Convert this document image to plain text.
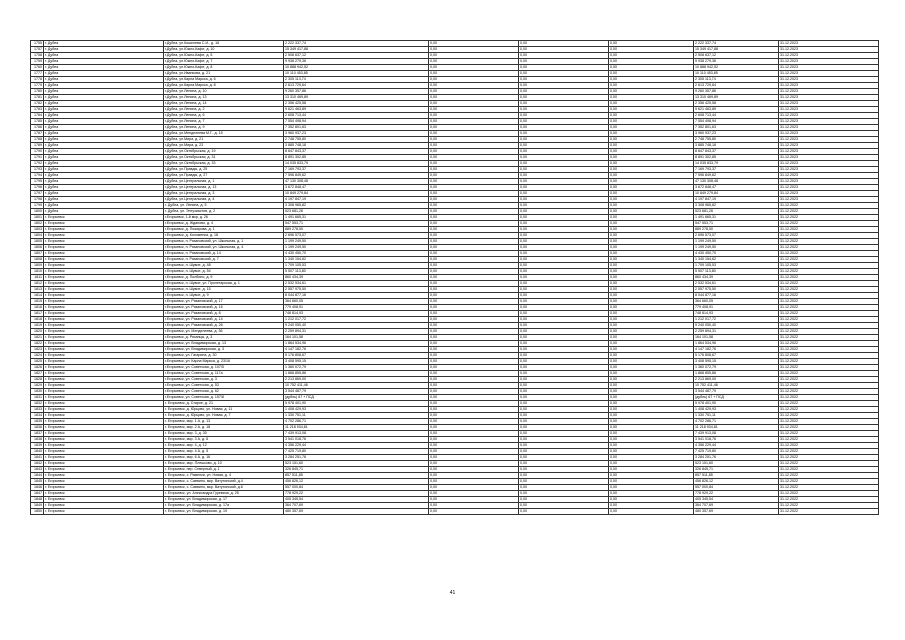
1755	г. Дубна	г.Дубна, ул.Кошелева С.И., д. 16	2 222 337,74	0,00	0,00	0,00	2 222 337,74	31.12.2023
1757	г. Дубна	г.Дубна, ул.Южно-Кафе, д. 10	15 349 417,88	0,00	0,00	0,00	15 349 417,88	31.12.2023
1758	г. Дубна	г.Дубна, ул.Южно-Кафе, д. 5	2 508 637,12	0,00	0,00	0,00	2 508 637,12	31.12.2023
1759	г. Дубна	г.Дубна, ул.Южно-Кафе, д. 7	9 938 279,36	0,00	0,00	0,00	9 938 279,36	31.12.2023
1760	г. Дубна	г.Дубна, ул.Южно-Кафе, д. 8	10 888 942,52	0,00	0,00	0,00	10 888 942,52	31.12.2023
1777	г. Дубна	г.Дубна, ул.Иванкова, д. 21	10 110 453,85	0,00	0,00	0,00	10 110 453,85	31.12.2023
1778	г. Дубна	г.Дубна, ул.Карла Маркса, д. 6	2 305 113,74	0,00	0,00	0,00	2 305 113,74	31.12.2023
1779	г. Дубна	г.Дубна, ул.Карла Маркса, д. 8	2 613 729,64	0,00	0,00	0,00	2 613 729,64	31.12.2023
1780	г. Дубна	г.Дубна, ул.Ленина, д. 10	9 260 357,86	0,00	0,00	0,00	9 260 357,86	31.12.2023
1781	г. Дубна	г.Дубна, ул.Ленина, д. 13	13 310 469,89	0,00	0,00	0,00	13 310 469,89	31.12.2023
1782	г. Дубна	г.Дубна, ул.Ленина, д. 14	2 356 425,58	0,00	0,00	0,00	2 356 425,58	31.12.2023
1783	г. Дубна	г.Дубна, ул.Ленина, д. 2	9 621 463,89	0,00	0,00	0,00	9 621 463,89	31.12.2023
1784	г. Дубна	г.Дубна, ул.Ленина, д. 6	2 608 713,44	0,00	0,00	0,00	2 608 713,44	31.12.2023
1785	г. Дубна	г.Дубна, ул.Ленина, д. 7	7 554 498,94	0,00	0,00	0,00	7 554 498,94	31.12.2023
1786	г. Дубна	г.Дубна, ул.Ленина, д. 9	7 352 801,63	0,00	0,00	0,00	7 352 801,63	31.12.2023
1787	г. Дубна	г.Дубна, ул.Менделеева М.Г., д. 15	3 960 937,23	0,00	0,00	0,00	3 960 937,23	31.12.2023
1788	г. Дубна	г.Дубна, ул.Мира, д. 21	2 748 755,80	0,00	0,00	0,00	2 748 755,80	31.12.2023
1789	г. Дубна	г.Дубна, ул.Мира, д. 23	3 885 748,18	0,00	0,00	0,00	3 885 748,18	31.12.2023
1790	г. Дубна	г.Дубна, ул.Октябрьская, д. 19	8 847 843,37	0,00	0,00	0,00	8 847 843,37	31.12.2023
1791	г. Дубна	г.Дубна, ул.Октябрьская, д. 31	8 891 302,85	0,00	0,00	0,00	8 891 302,85	31.12.2023
1792	г. Дубна	г.Дубна, ул.Октябрьская, д. 33	14 035 833,79	0,00	0,00	0,00	14 035 833,79	31.12.2023
1793	г. Дубна	г.Дубна, ул.Правды, д. 25	7 169 793,37	0,00	0,00	0,00	7 169 793,37	31.12.2023
1794	г. Дубна	г.Дубна, ул.Правды, д. 27	7 596 849,62	0,00	0,00	0,00	7 596 849,62	31.12.2023
1795	г. Дубна	г.Дубна, ул.Центральная, д. 1	47 130 308,48	0,00	0,00	0,00	47 130 308,48	31.12.2023
1796	г. Дубна	г.Дубна, ул.Центральная, д. 13	3 672 848,47	0,00	0,00	0,00	3 672 848,47	31.12.2023
1797	г. Дубна	г.Дубна, ул.Центральная, д. 3	10 849 279,84	0,00	0,00	0,00	10 849 279,84	31.12.2023
1798	г. Дубна	г.Дубна, ул.Центральная, д. 4	4 197 847,19	0,00	0,00	0,00	4 197 847,19	31.12.2023
1799	г. Дубна	г. Дубна, ул. Ленина, д. 5	3 308 965,82	0,00	0,00	0,00	3 308 965,82	31.12.2022
1800	г. Дубна	г. Дубна, ул. Энтузиастов, д. 2	523 681,26	0,00	0,00	0,00	523 681,26	31.12.2022
1801	г. Егорьевск	г.Егорьевск, 1-й мкр, д. 26	1 491 665,31	0,00	0,00	0,00	1 491 665,31	31.12.2022
1802	г. Егорьевск	г.Егорьевск, д. Жданово, д. 4	547 553,71	0,00	0,00	0,00	547 553,71	31.12.2022
1803	г. Егорьевск	г.Егорьевск, д. Пожарова, д. 1	889 278,50	0,00	0,00	0,00	889 278,50	31.12.2022
1804	г. Егорьевск	г.Егорьевск, д. Коломенка, д. 18	2 696 573,07	0,00	0,00	0,00	2 696 573,07	31.12.2022
1805	г. Егорьевск	г.Егорьевск, п. Рязановский, ул. Школьная, д. 1	1 199 249,50	0,00	0,00	0,00	1 199 249,50	31.12.2022
1806	г. Егорьевск	г.Егорьевск, п. Рязановский, ул. Школьная, д. 4	1 199 249,50	0,00	0,00	0,00	1 199 249,50	31.12.2022
1807	г. Егорьевск	г.Егорьевск, п. Рязановский, д. 14	4 430 450,70	0,00	0,00	0,00	4 430 450,70	31.12.2022
1808	г. Егорьевск	г.Егорьевск, п. Рязановский, д. 7	1 340 154,62	0,00	0,00	0,00	1 340 154,62	31.12.2022
1809	г. Егорьевск	г.Егорьевск, п. Шувое, д. 48	1 709 105,53	0,00	0,00	0,00	1 709 105,53	31.12.2022
1810	г. Егорьевск	г.Егорьевск, п. Шувое, д. 54	5 507 113,80	0,00	0,00	0,00	5 507 113,80	31.12.2022
1811	г. Егорьевск	г.Егорьевск, д. Полбино, д. 9	860 434,39	0,00	0,00	0,00	860 434,39	31.12.2022
1812	г. Егорьевск	г.Егорьевск, п. Шувое, ул. Пролетарская, д. 1	2 532 534,61	0,00	0,00	0,00	2 532 534,61	31.12.2022
1813	г. Егорьевск	г.Егорьевск, п. Шувое, д. 15	2 557 975,50	0,00	0,00	0,00	2 557 975,50	31.12.2022
1814	г. Егорьевск	г.Егорьевск, п. Шувое, д. 9	8 044 877,16	0,00	0,00	0,00	8 044 877,16	31.12.2022
1815	г. Егорьевск	г.Егорьевск, ул. Рязановский, д. 17	364 660,05	0,00	0,00	0,00	364 660,05	31.12.2022
1816	г. Егорьевск	г.Егорьевск, ул. Рязановский, д. 16	779 408,91	0,00	0,00	0,00	779 408,91	31.12.2022
1817	г. Егорьевск	г.Егорьевск, ул. Рязановский, д. 8	748 814,93	0,00	0,00	0,00	748 814,93	31.12.2022
1818	г. Егорьевск	г.Егорьевск, ул. Рязановский, д. 14	1 212 017,72	0,00	0,00	0,00	1 212 017,72	31.12.2022
1819	г. Егорьевск	г.Егорьевск, ул. Рязановский, д. 26	9 240 050,40	0,00	0,00	0,00	9 240 050,40	31.12.2022
1820	г. Егорьевск	г.Егорьевск, ул. Менделеева, д. 36	2 259 894,31	0,00	0,00	0,00	2 259 894,31	31.12.2022
1821	г. Егорьевск	г.Егорьевск, д. Рязанцы, д. 3	164 101,58	0,00	0,00	0,00	164 101,58	31.12.2022
1822	г. Егорьевск	г.Егорьевск, ул. Владимирская, д. 13	1 864 534,96	0,00	0,00	0,00	1 864 534,96	31.12.2022
1823	г. Егорьевск	г.Егорьевск, ул. Владимирская, д. 3	4 147 182,76	0,00	0,00	0,00	4 147 182,76	31.12.2022
1824	г. Егорьевск	г.Егорьевск, ул. Гагарина, д. 30	5 176 808,67	0,00	0,00	0,00	5 176 808,67	31.12.2022
1825	г. Егорьевск	г.Егорьевск, ул. Карла Маркса, д. 23/16	3 408 595,15	0,00	0,00	0,00	3 408 595,15	31.12.2022
1826	г. Егорьевск	г.Егорьевск, ул. Советская, д. 107/5	1 360 072,79	0,00	0,00	0,00	1 360 072,79	31.12.2022
1827	г. Егорьевск	г.Егорьевск, ул. Советская, д. 117а	1 868 855,86	0,00	0,00	0,00	1 868 855,86	31.12.2022
1828	г. Егорьевск	г.Егорьевск, ул. Советская, д. 3	2 213 869,00	0,00	0,00	0,00	2 213 869,00	31.12.2022
1829	г. Егорьевск	г.Егорьевск, ул. Советская, д. 53	10 752 411,46	0,00	0,00	0,00	10 752 411,46	31.12.2022
1830	г. Егорьевск	г.Егорьевск, ул. Советская, д. 62	3 544 487,79	0,00	0,00	0,00	3 544 487,79	31.12.2022
1831	г. Егорьевск	г.Егорьевск, ул. Советская, д. 157/8	(дубль) 67 + ПСД	0,00	0,00	0,00	(дубль) 67 + ПСД	31.12.2022
1832	г. Егорьевск	г. Егорьевск, д. Старое, д. 21	5 978 401,90	0,00	0,00	0,00	5 978 401,90	31.12.2022
1833	г. Егорьевск	г. Егорьевск, д. Юрцово, ул. Новая, д. 11	1 408 429,93	0,00	0,00	0,00	1 408 429,93	31.12.2022
1834	г. Егорьевск	г. Егорьевск, д. Юрцово, ул. Новая, д. 7	1 330 751,11	0,00	0,00	0,00	1 330 751,11	31.12.2022
1835	г. Егорьевск	г. Егорьевск, мкр. 1 А, д. 13	4 702 286,71	0,00	0,00	0,00	4 702 286,71	31.12.2022
1836	г. Егорьевск	г. Егорьевск, мкр. 2 А, д. 18	11 218 934,81	0,00	0,00	0,00	11 218 934,81	31.12.2022
1837	г. Егорьевск	г. Егорьевск, мкр. 3, д. 30	7 439 913,08	0,00	0,00	0,00	7 439 913,08	31.12.2022
1838	г. Егорьевск	г. Егорьевск, мкр. 3 А, д. 6	3 541 018,76	0,00	0,00	0,00	3 541 018,76	31.12.2022
1839	г. Егорьевск	г. Егорьевск, мкр. 4, д. 12	4 356 229,44	0,00	0,00	0,00	4 356 229,44	31.12.2022
1840	г. Егорьевск	г. Егорьевск, мкр. 4 А, д. 5	7 425 719,80	0,00	0,00	0,00	7 425 719,80	31.12.2022
1841	г. Егорьевск	г. Егорьевск, мкр. 6 А, д. 16	3 284 251,76	0,00	0,00	0,00	3 284 251,76	31.12.2022
1842	г. Егорьевск	г. Егорьевск, мкр. Плешково, д. 10	523 151,60	0,00	0,00	0,00	523 151,60	31.12.2022
1843	г. Егорьевск	г. Егорьевск, пер. Северный, д. 1	326 845,71	0,00	0,00	0,00	326 845,71	31.12.2022
1844	г. Егорьевск	г. Егорьевск, с. Раменки, ул. Новая, д. 4	857 511,85	0,00	0,00	0,00	857 511,85	31.12.2022
1845	г. Егорьевск	г. Егорьевск, с. Саввино, мкр. Ватутинский, д.4	456 826,12	0,00	0,00	0,00	456 826,12	31.12.2022
1846	г. Егорьевск	г. Егорьевск, с. Саввино, мкр. Ватутинский, д.6	557 000,84	0,00	0,00	0,00	557 000,84	31.12.2022
1847	г. Егорьевск	г. Егорьевск, ул. Александра Гуревича, д. 25	778 929,22	0,00	0,00	0,00	778 929,22	31.12.2022
1848	г. Егорьевск	г. Егорьевск, ул. Владимирская, д. 17	405 345,54	0,00	0,00	0,00	405 345,54	31.12.2022
1849	г. Егорьевск	г. Егорьевск, ул. Владимирская, д. 17а	364 707,69	0,00	0,00	0,00	364 707,69	31.12.2022
1850	г. Егорьевск	г. Егорьевск, ул. Владимирская, д. 19	480 357,69	0,00	0,00	0,00	480 357,69	31.12.2022
41
